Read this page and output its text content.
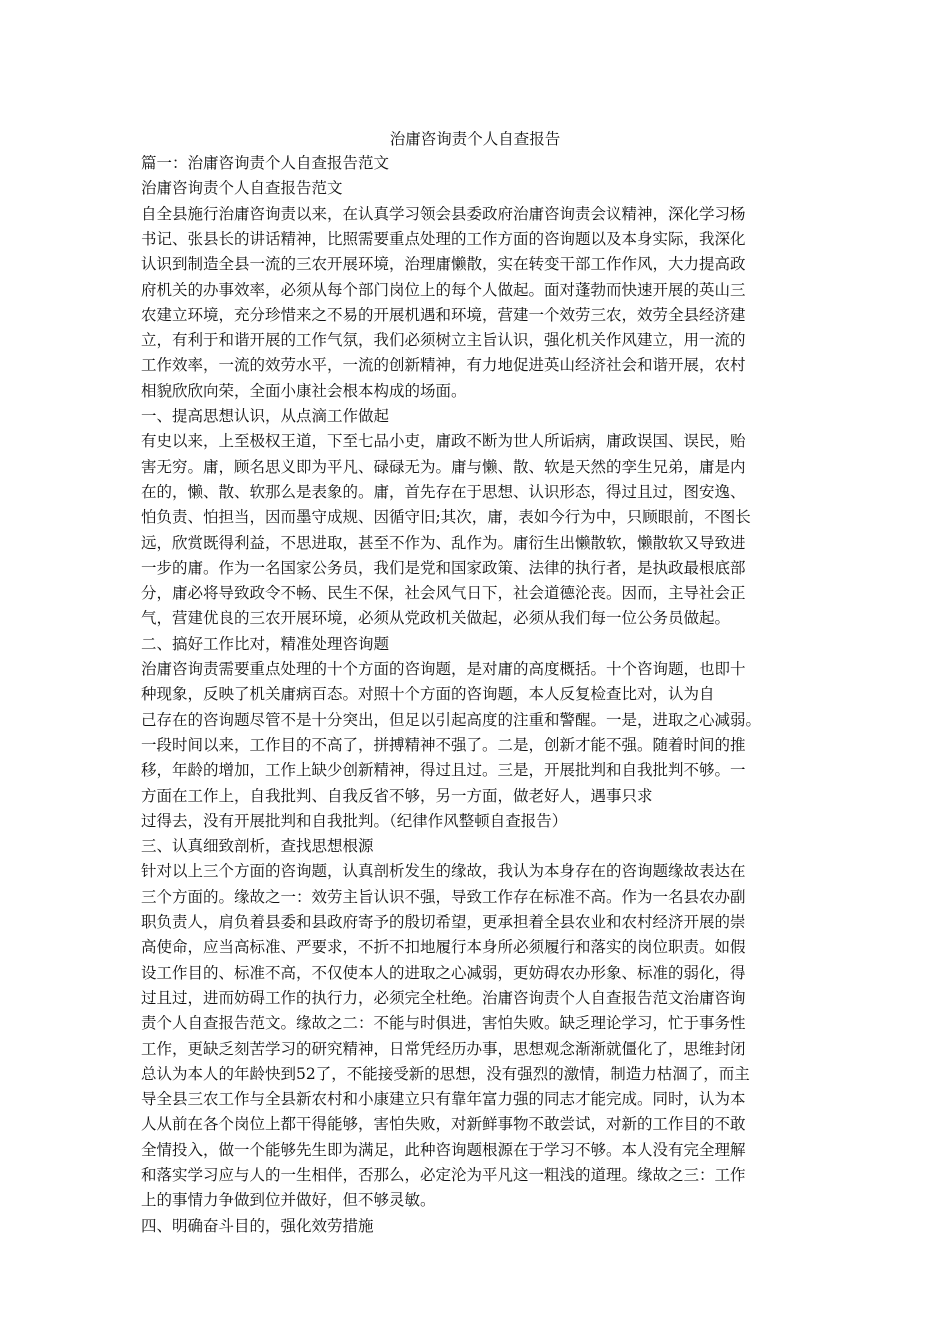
治庸咨询责个人自查报告

篇一：治庸咨询责个人自查报告范文

治庸咨询责个人自查报告范文

自全县施行治庸咨询责以来，在认真学习领会县委政府治庸咨询责会议精神，深化学习杨

书记、张县长的讲话精神，比照需要重点处理的工作方面的咨询题以及本身实际，我深化

认识到制造全县一流的三农开展环境，治理庸懒散，实在转变干部工作作风，大力提高政

府机关的办事效率，必须从每个部门岗位上的每个人做起。面对蓬勃而快速开展的英山三

农建立环境，充分珍惜来之不易的开展机遇和环境，营建一个效劳三农，效劳全县经济建

立，有利于和谐开展的工作气氛，我们必须树立主旨认识，强化机关作风建立，用一流的

工作效率，一流的效劳水平，一流的创新精神，有力地促进英山经济社会和谐开展，农村

相貌欣欣向荣，全面小康社会根本构成的场面。

一、提高思想认识，从点滴工作做起

有史以来，上至极权王道，下至七品小吏，庸政不断为世人所诟病，庸政误国、误民，贻

害无穷。庸，顾名思义即为平凡、碌碌无为。庸与懒、散、软是天然的孪生兄弟，庸是内

在的，懒、散、软那么是表象的。庸，首先存在于思想、认识形态，得过且过，图安逸、

怕负责、怕担当，因而墨守成规、因循守旧;其次，庸，表如今行为中，只顾眼前，不图长

远，欣赏既得利益，不思进取，甚至不作为、乱作为。庸衍生出懒散软，懒散软又导致进

一步的庸。作为一名国家公务员，我们是党和国家政策、法律的执行者，是执政最根底部

分，庸必将导致政令不畅、民生不保，社会风气日下，社会道德沦丧。因而，主导社会正

气，营建优良的三农开展环境，必须从党政机关做起，必须从我们每一位公务员做起。

二、搞好工作比对，精准处理咨询题

治庸咨询责需要重点处理的十个方面的咨询题，是对庸的高度概括。十个咨询题，也即十

种现象，反映了机关庸病百态。对照十个方面的咨询题，本人反复检查比对，认为自

己存在的咨询题尽管不是十分突出，但足以引起高度的注重和警醒。一是，进取之心减弱。

一段时间以来，工作目的不高了，拼搏精神不强了。二是，创新才能不强。随着时间的推

移，年龄的增加，工作上缺少创新精神，得过且过。三是，开展批判和自我批判不够。一

方面在工作上，自我批判、自我反省不够，另一方面，做老好人，遇事只求

过得去，没有开展批判和自我批判。（纪律作风整顿自查报告）

三、认真细致剖析，查找思想根源

针对以上三个方面的咨询题，认真剖析发生的缘故，我认为本身存在的咨询题缘故表达在

三个方面的。缘故之一：效劳主旨认识不强，导致工作存在标准不高。作为一名县农办副

职负责人，肩负着县委和县政府寄予的殷切希望，更承担着全县农业和农村经济开展的崇

高使命，应当高标准、严要求，不折不扣地履行本身所必须履行和落实的岗位职责。如假

设工作目的、标准不高，不仅使本人的进取之心减弱，更妨碍农办形象、标准的弱化，得

过且过，进而妨碍工作的执行力，必须完全杜绝。治庸咨询责个人自查报告范文治庸咨询

责个人自查报告范文。缘故之二：不能与时俱进，害怕失败。缺乏理论学习，忙于事务性

工作，更缺乏刻苦学习的研究精神，日常凭经历办事，思想观念渐渐就僵化了，思维封闭

总认为本人的年龄快到52了，不能接受新的思想，没有强烈的激情，制造力枯涸了，而主

导全县三农工作与全县新农村和小康建立只有靠年富力强的同志才能完成。同时，认为本

人从前在各个岗位上都干得能够，害怕失败，对新鲜事物不敢尝试，对新的工作目的不敢

全情投入，做一个能够先生即为满足，此种咨询题根源在于学习不够。本人没有完全理解

和落实学习应与人的一生相伴，否那么，必定沦为平凡这一粗浅的道理。缘故之三：工作

上的事情力争做到位并做好，但不够灵敏。

四、明确奋斗目的，强化效劳措施
